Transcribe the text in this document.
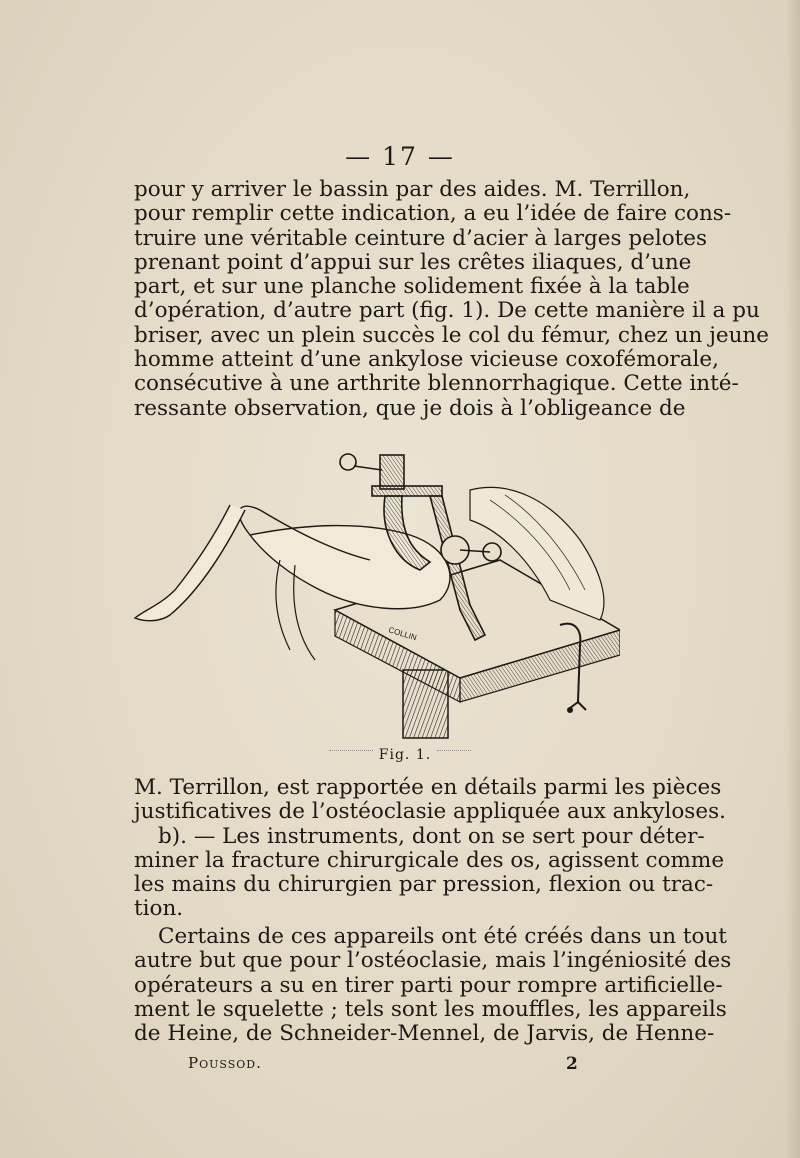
— 17 —
pour y arriver le bassin par des aides. M. Terrillon,
pour remplir cette indication, a eu l’idée de faire cons-
truire une véritable ceinture d’acier à larges pelotes
prenant point d’appui sur les crêtes iliaques, d’une
part, et sur une planche solidement fixée à la table
d’opération, d’autre part (fig. 1). De cette manière il a pu
briser, avec un plein succès le col du fémur, chez un jeune
homme atteint d’une ankylose vicieuse coxofémorale,
consécutive à une arthrite blennorrhagique. Cette inté-
ressante observation, que je dois à l’obligeance de
COLLIN
Fig. 1.
M. Terrillon, est rapportée en détails parmi les pièces
justificatives de l’ostéoclasie appliquée aux ankyloses.
b). — Les instruments, dont on se sert pour déter-
miner la fracture chirurgicale des os, agissent comme
les mains du chirurgien par pression, flexion ou trac-
tion.
Certains de ces appareils ont été créés dans un tout
autre but que pour l’ostéoclasie, mais l’ingéniosité des
opérateurs a su en tirer parti pour rompre artificielle-
ment le squelette ; tels sont les mouffles, les appareils
de Heine, de Schneider-Mennel, de Jarvis, de Henne-
Poussod.	2
